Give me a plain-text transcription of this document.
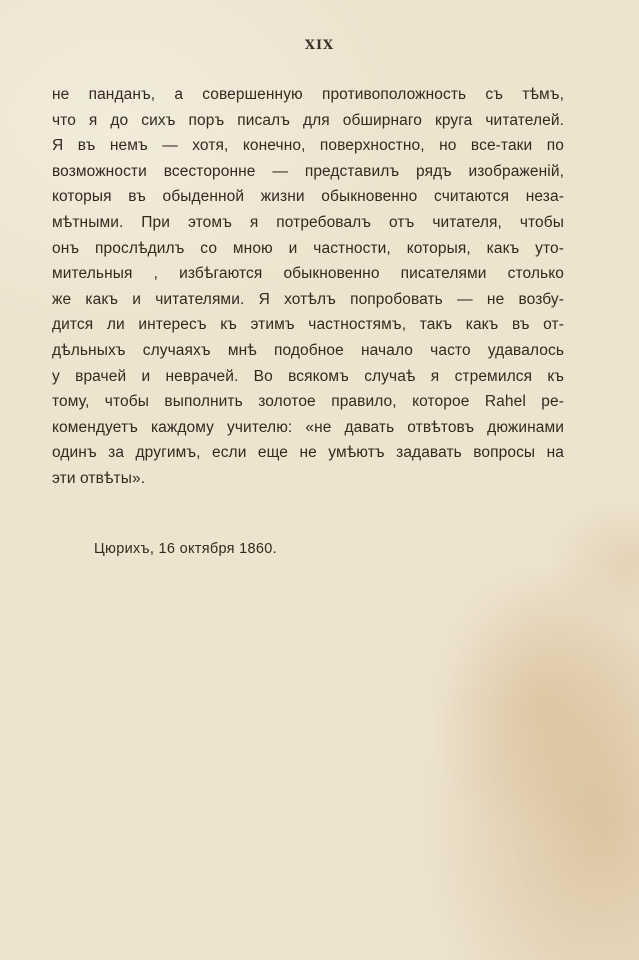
XIX
не панданъ, а совершенную противоположность съ тѣмъ,
что я до сихъ поръ писалъ для обширнаго круга читателей.
Я въ немъ — хотя, конечно, поверхностно, но все-таки по
возможности всесторонне — представилъ рядъ изображенiй,
которыя въ обыденной жизни обыкновенно считаются неза-
мѣтными. При этомъ я потребовалъ отъ читателя, чтобы
онъ прослѣдилъ со мною и частности, которыя, какъ уто-
мительныя , избѣгаются обыкновенно писателями столько
же какъ и читателями. Я хотѣлъ попробовать — не возбу-
дится ли интересъ къ этимъ частностямъ, такъ какъ въ от-
дѣльныхъ случаяхъ мнѣ подобное начало часто удавалось
у врачей и неврачей. Во всякомъ случаѣ я стремился къ
тому, чтобы выполнить золотое правило, которое Rahel ре-
комендуетъ каждому учителю: «не давать отвѣтовъ дюжинами
одинъ за другимъ, если еще не умѣютъ задавать вопросы на
эти отвѣты».
Цюрихъ, 16 октября 1860.
